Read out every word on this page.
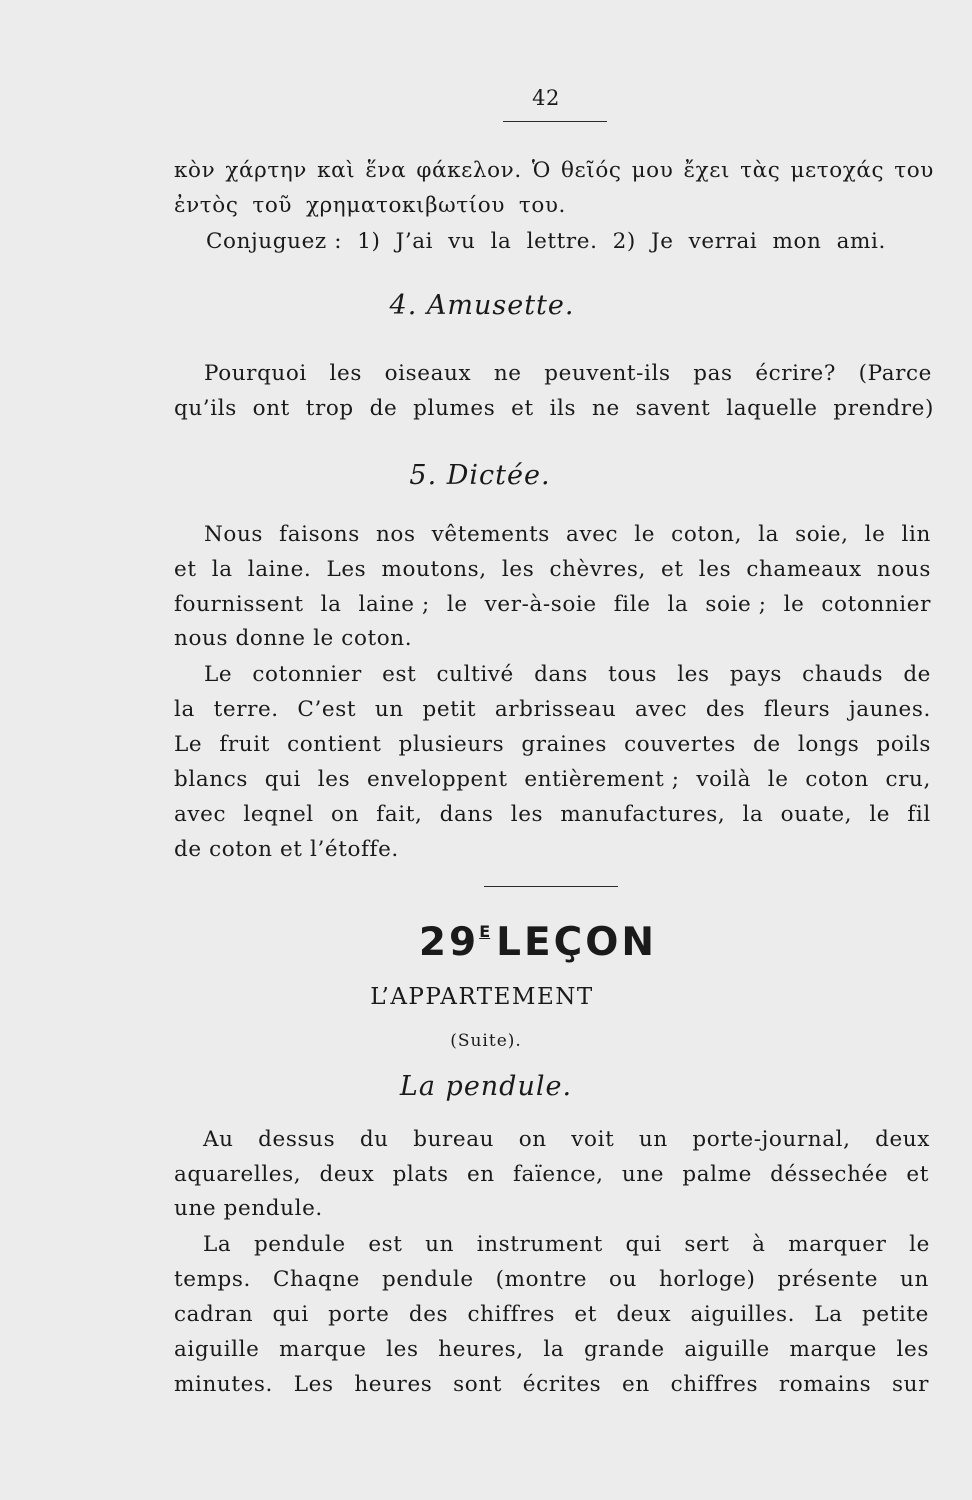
42
κὸν χάρτην καὶ ἕνα φάκελον. Ὁ θεῖός μου ἔχει τὰς μετοχάς του
ἐντὸς τοῦ χρηματοκιβωτίου του.
Conjuguez : 1) J’ai vu la lettre. 2) Je verrai mon ami.
4. Amusette.
Pourquoi les oiseaux ne peuvent-ils pas écrire? (Parce
qu’ils ont trop de plumes et ils ne savent laquelle prendre)
5. Dictée.
Nous faisons nos vêtements avec le coton, la soie, le lin
et la laine. Les moutons, les chèvres, et les chameaux nous
fournissent la laine ; le ver-à-soie file la soie ; le cotonnier
nous donne le coton.
Le cotonnier est cultivé dans tous les pays chauds de
la terre. C’est un petit arbrisseau avec des fleurs jaunes.
Le fruit contient plusieurs graines couvertes de longs poils
blancs qui les enveloppent entièrement ; voilà le coton cru,
avec leqnel on fait, dans les manufactures, la ouate, le fil
de coton et l’étoffe.
$29^E$ LEÇON
L’APPARTEMENT
(Suite).
La pendule.
Au dessus du bureau on voit un porte-journal, deux
aquarelles, deux plats en faïence, une palme déssechée et
une pendule.
La pendule est un instrument qui sert à marquer le
temps. Chaqne pendule (montre ou horloge) présente un
cadran qui porte des chiffres et deux aiguilles. La petite
aiguille marque les heures, la grande aiguille marque les
minutes. Les heures sont écrites en chiffres romains sur
